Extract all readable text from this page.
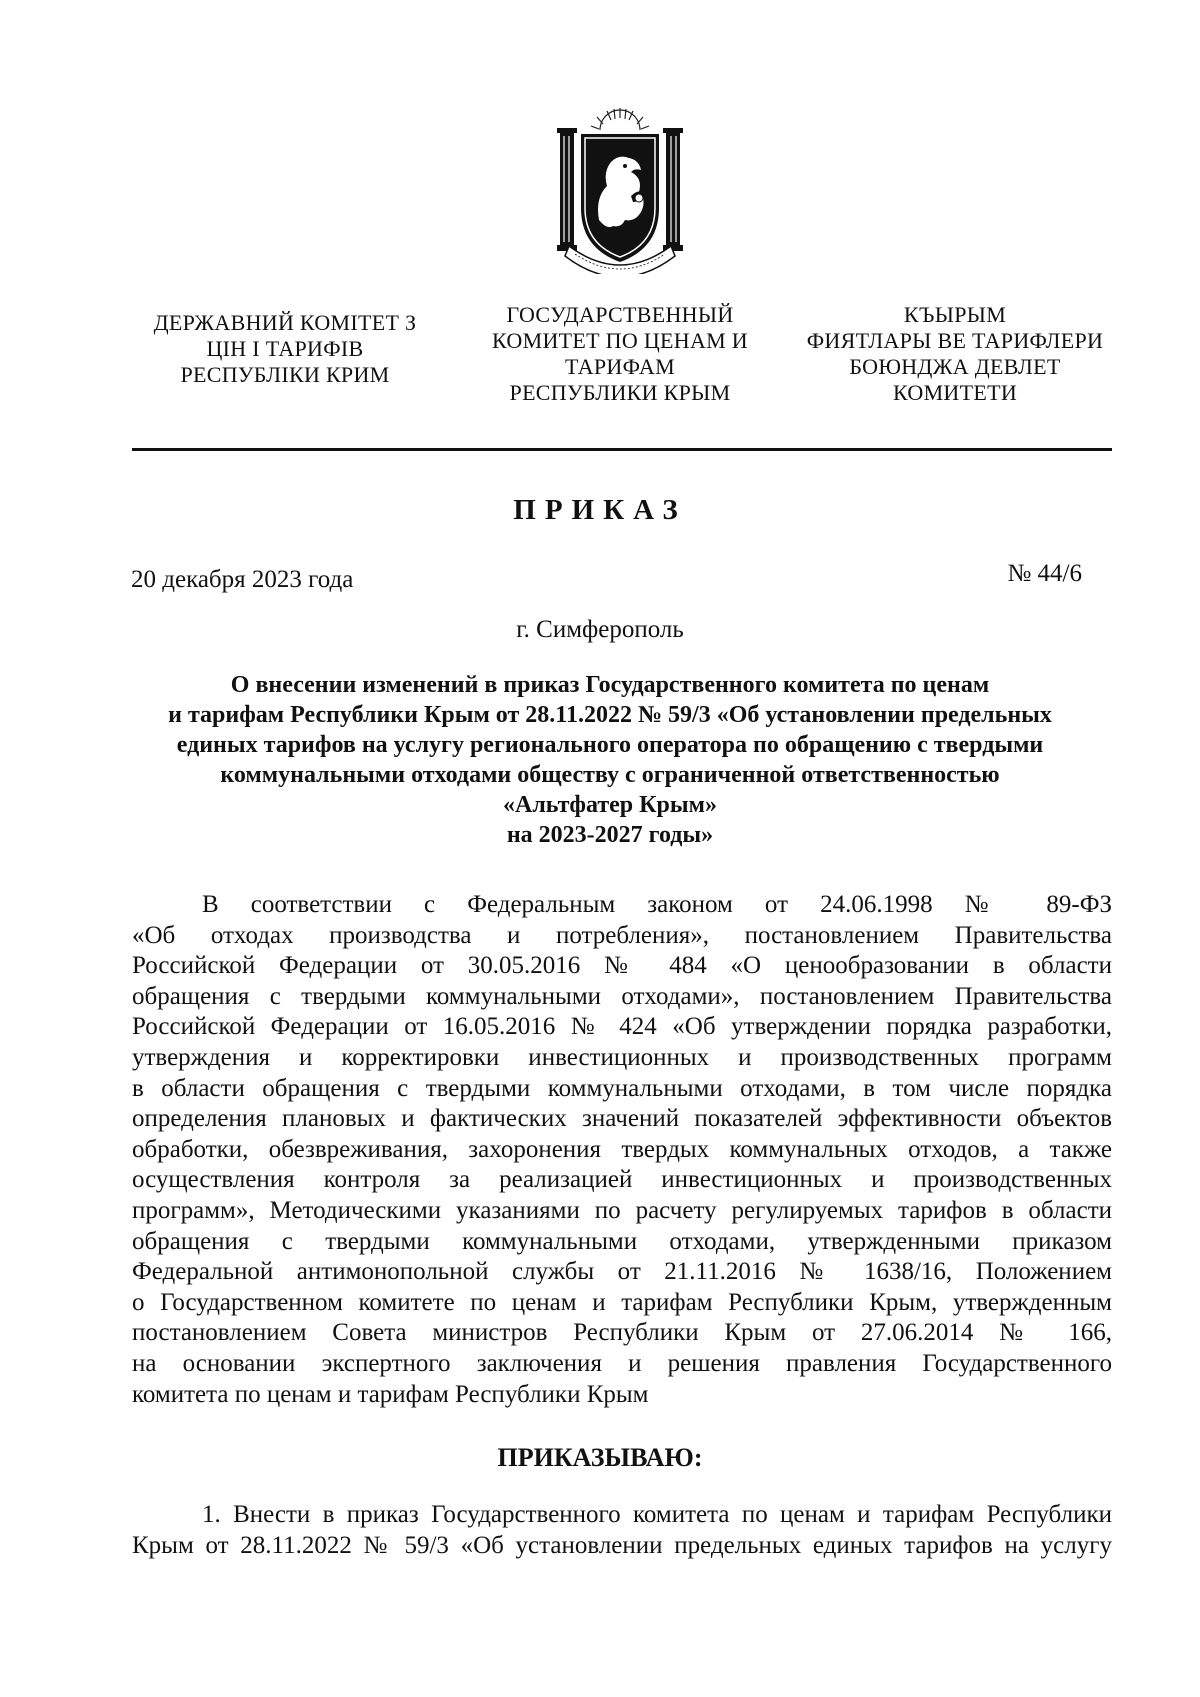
ДЕРЖАВНИЙ КОМІТЕТ З
ЦІН І ТАРИФІВ
РЕСПУБЛІКИ КРИМ
ГОСУДАРСТВЕННЫЙ
КОМИТЕТ ПО ЦЕНАМ И
ТАРИФАМ
РЕСПУБЛИКИ КРЫМ
КЪЫРЫМ
ФИЯТЛАРЫ ВЕ ТАРИФЛЕРИ
БОЮНДЖА ДЕВЛЕТ
КОМИТЕТИ
ПРИКАЗ
20 декабря 2023 года	№ 44/6
г. Симферополь
О внесении изменений в приказ Государственного комитета по ценам
и тарифам Республики Крым от 28.11.2022 № 59/3 «Об установлении предельных
единых тарифов на услугу регионального оператора по обращению с твердыми
коммунальными отходами обществу с ограниченной ответственностью
«Альтфатер Крым»
на 2023-2027 годы»
В соответствии с Федеральным законом от 24.06.1998 № 89-ФЗ
«Об отходах производства и потребления», постановлением Правительства
Российской Федерации от 30.05.2016 № 484 «О ценообразовании в области
обращения с твердыми коммунальными отходами», постановлением Правительства
Российской Федерации от 16.05.2016 № 424 «Об утверждении порядка разработки,
утверждения и корректировки инвестиционных и производственных программ
в области обращения с твердыми коммунальными отходами, в том числе порядка
определения плановых и фактических значений показателей эффективности объектов
обработки, обезвреживания, захоронения твердых коммунальных отходов, а также
осуществления контроля за реализацией инвестиционных и производственных
программ», Методическими указаниями по расчету регулируемых тарифов в области
обращения с твердыми коммунальными отходами, утвержденными приказом
Федеральной антимонопольной службы от 21.11.2016 № 1638/16, Положением
о Государственном комитете по ценам и тарифам Республики Крым, утвержденным
постановлением Совета министров Республики Крым от 27.06.2014 № 166,
на основании экспертного заключения и решения правления Государственного
комитета по ценам и тарифам Республики Крым
ПРИКАЗЫВАЮ:
1. Внести в приказ Государственного комитета по ценам и тарифам Республики
Крым от 28.11.2022 № 59/3 «Об установлении предельных единых тарифов на услугу
